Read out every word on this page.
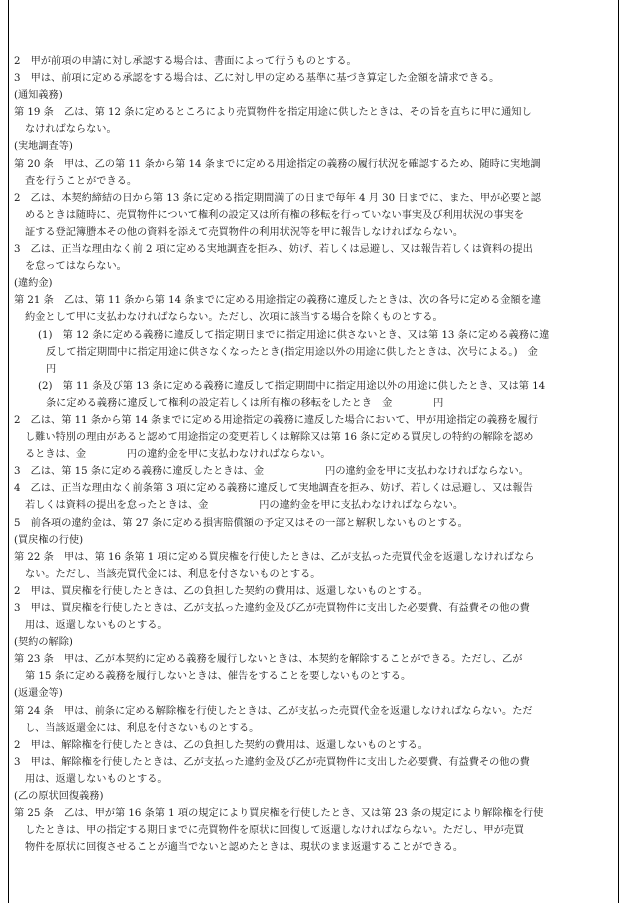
2　甲が前項の申請に対し承認する場合は、書面によって行うものとする。
3　甲は、前項に定める承認をする場合は、乙に対し甲の定める基準に基づき算定した金額を請求できる。
(通知義務)
第 19 条　乙は、第 12 条に定めるところにより売買物件を指定用途に供したときは、その旨を直ちに甲に通知し
なければならない。
(実地調査等)
第 20 条　甲は、乙の第 11 条から第 14 条までに定める用途指定の義務の履行状況を確認するため、随時に実地調
査を行うことができる。
2　乙は、本契約締結の日から第 13 条に定める指定期間満了の日まで毎年 4 月 30 日までに、また、甲が必要と認
めるときは随時に、売買物件について権利の設定又は所有権の移転を行っていない事実及び利用状況の事実を
証する登記簿謄本その他の資料を添えて売買物件の利用状況等を甲に報告しなければならない。
3　乙は、正当な理由なく前 2 項に定める実地調査を拒み、妨げ、若しくは忌避し、又は報告若しくは資料の提出
を怠ってはならない。
(違約金)
第 21 条　乙は、第 11 条から第 14 条までに定める用途指定の義務に違反したときは、次の各号に定める金額を違
約金として甲に支払わなければならない。ただし、次項に該当する場合を除くものとする。
(1)　第 12 条に定める義務に違反して指定期日までに指定用途に供さないとき、又は第 13 条に定める義務に違
反して指定期間中に指定用途に供さなくなったとき(指定用途以外の用途に供したときは、次号による。)　金
円
(2)　第 11 条及び第 13 条に定める義務に違反して指定期間中に指定用途以外の用途に供したとき、又は第 14
条に定める義務に違反して権利の設定若しくは所有権の移転をしたとき　金　　　　円
2　乙は、第 11 条から第 14 条までに定める用途指定の義務に違反した場合において、甲が用途指定の義務を履行
し難い特別の理由があると認めて用途指定の変更若しくは解除又は第 16 条に定める買戻しの特約の解除を認め
るときは、金　　　　円の違約金を甲に支払わなければならない。
3　乙は、第 15 条に定める義務に違反したときは、金　　　　　　円の違約金を甲に支払わなければならない。
4　乙は、正当な理由なく前条第 3 項に定める義務に違反して実地調査を拒み、妨げ、若しくは忌避し、又は報告
若しくは資料の提出を怠ったときは、金　　　　　円の違約金を甲に支払わなければならない。
5　前各項の違約金は、第 27 条に定める損害賠償額の予定又はその一部と解釈しないものとする。
(買戻権の行使)
第 22 条　甲は、第 16 条第 1 項に定める買戻権を行使したときは、乙が支払った売買代金を返還しなければなら
ない。ただし、当該売買代金には、利息を付さないものとする。
2　甲は、買戻権を行使したときは、乙の負担した契約の費用は、返還しないものとする。
3　甲は、買戻権を行使したときは、乙が支払った違約金及び乙が売買物件に支出した必要費、有益費その他の費
用は、返還しないものとする。
(契約の解除)
第 23 条　甲は、乙が本契約に定める義務を履行しないときは、本契約を解除することができる。ただし、乙が
第 15 条に定める義務を履行しないときは、催告をすることを要しないものとする。
(返還金等)
第 24 条　甲は、前条に定める解除権を行使したときは、乙が支払った売買代金を返還しなければならない。ただ
し、当該返還金には、利息を付さないものとする。
2　甲は、解除権を行使したときは、乙の負担した契約の費用は、返還しないものとする。
3　甲は、解除権を行使したときは、乙が支払った違約金及び乙が売買物件に支出した必要費、有益費その他の費
用は、返還しないものとする。
(乙の原状回復義務)
第 25 条　乙は、甲が第 16 条第 1 項の規定により買戻権を行使したとき、又は第 23 条の規定により解除権を行使
したときは、甲の指定する期日までに売買物件を原状に回復して返還しなければならない。ただし、甲が売買
物件を原状に回復させることが適当でないと認めたときは、現状のまま返還することができる。
